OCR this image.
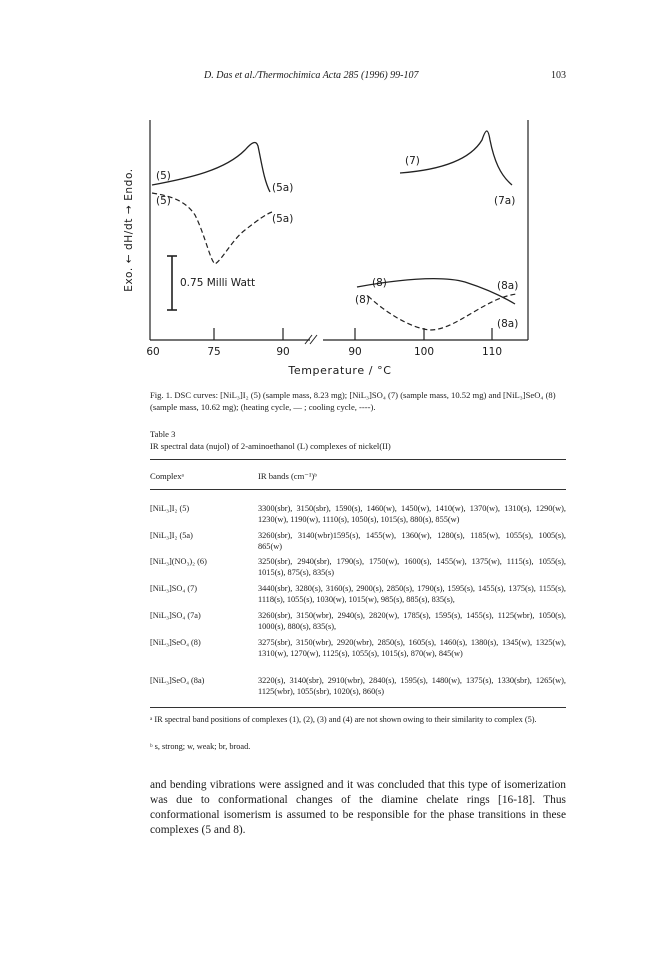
D. Das et al./Thermochimica Acta 285 (1996) 99-107	103
60	75	90	90	100	110
Temperature / °C
Exo. ← dH/dt → Endo.	0.75 Milli Watt
(5)
(5a)
(5)
(5a)
(7)
(7a)
(8)	(8a)
(8)
(8a)
Fig. 1. DSC curves: [NiL₃]I₂ (5) (sample mass, 8.23 mg); [NiL₃]SO₄ (7) (sample mass, 10.52 mg) and [NiL₃]SeO₄ (8) (sample mass, 10.62 mg); (heating cycle, — ; cooling cycle, ----).
Table 3
IR spectral data (nujol) of 2-aminoethanol (L) complexes of nickel(II)
Complexᵃ	IR bands (cm⁻¹)ᵇ
[NiL₃]I₂ (5)	3300(sbr), 3150(sbr), 1590(s), 1460(w), 1450(w), 1410(w), 1370(w), 1310(s), 1290(w), 1230(w), 1190(w), 1110(s), 1050(s), 1015(s), 880(s), 855(w)
[NiL₃]I₂ (5a)	3260(sbr), 3140(wbr)1595(s), 1455(w), 1360(w), 1280(s), 1185(w), 1055(s), 1005(s), 865(w)
[NiL₃](NO₃)₂ (6)	3250(sbr), 2940(sbr), 1790(s), 1750(w), 1600(s), 1455(w), 1375(w), 1115(s), 1055(s), 1015(s), 875(s), 835(s)
[NiL₃]SO₄ (7)	3440(sbr), 3280(s), 3160(s), 2900(s), 2850(s), 1790(s), 1595(s), 1455(s), 1375(s), 1155(s), 1118(s), 1055(s), 1030(w), 1015(w), 985(s), 885(s), 835(s),
[NiL₃]SO₄ (7a)	3260(sbr), 3150(wbr), 2940(s), 2820(w), 1785(s), 1595(s), 1455(s), 1125(wbr), 1050(s), 1000(s), 880(s), 835(s),
[NiL₃]SeO₄ (8)	3275(sbr), 3150(wbr), 2920(wbr), 2850(s), 1605(s), 1460(s), 1380(s), 1345(w), 1325(w), 1310(w), 1270(w), 1125(s), 1055(s), 1015(s), 870(w), 845(w)
[NiL₃]SeO₄ (8a)	3220(s), 3140(sbr), 2910(wbr), 2840(s), 1595(s), 1480(w), 1375(s), 1330(sbr), 1265(w), 1125(wbr), 1055(sbr), 1020(s), 860(s)
ᵃ IR spectral band positions of complexes (1), (2), (3) and (4) are not shown owing to their similarity to complex (5).
ᵇ s, strong; w, weak; br, broad.
and bending vibrations were assigned and it was concluded that this type of isomerization was due to conformational changes of the diamine chelate rings [16-18]. Thus conformational isomerism is assumed to be responsible for the phase transitions in these complexes (5 and 8).
